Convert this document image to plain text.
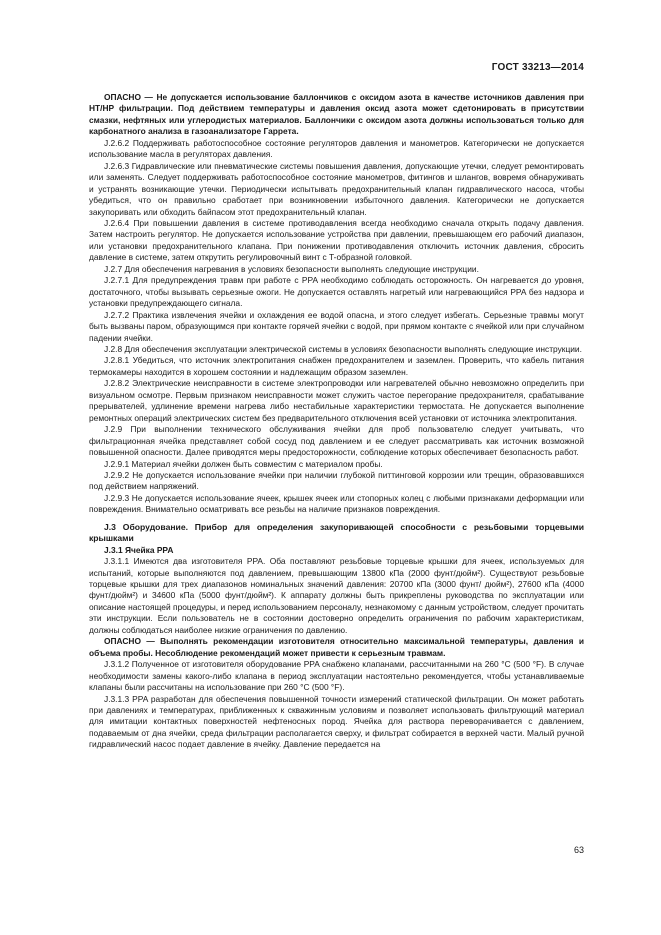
ГОСТ 33213—2014

ОПАСНО — Не допускается использование баллончиков с оксидом азота в качестве источников давления при HT/HP фильтрации. Под действием температуры и давления оксид азота может сдетонировать в присутствии смазки, нефтяных или углеродистых материалов. Баллончики с оксидом азота должны использоваться только для карбонатного анализа в газоанализаторе Гаррета.

J.2.6.2 Поддерживать работоспособное состояние регуляторов давления и манометров. Категорически не допускается использование масла в регуляторах давления.

J.2.6.3 Гидравлические или пневматические системы повышения давления, допускающие утечки, следует ремонтировать или заменять. Следует поддерживать работоспособное состояние манометров, фитингов и шлангов, вовремя обнаруживать и устранять возникающие утечки. Периодически испытывать предохранительный клапан гидравлического насоса, чтобы убедиться, что он правильно сработает при возникновении избыточного давления. Категорически не допускается закупоривать или обходить байпасом этот предохранительный клапан.

J.2.6.4 При повышении давления в системе противодавления всегда необходимо сначала открыть подачу давления. Затем настроить регулятор. Не допускается использование устройства при давлении, превышающем его рабочий диапазон, или установки предохранительного клапана. При понижении противодавления отключить источник давления, сбросить давление в системе, затем открутить регулировочный винт с T-образной головкой.

J.2.7 Для обеспечения нагревания в условиях безопасности выполнять следующие инструкции.

J.2.7.1 Для предупреждения травм при работе с PPA необходимо соблюдать осторожность. Он нагревается до уровня, достаточного, чтобы вызывать серьезные ожоги. Не допускается оставлять нагретый или нагревающийся PPA без надзора и установки предупреждающего сигнала.

J.2.7.2 Практика извлечения ячейки и охлаждения ее водой опасна, и этого следует избегать. Серьезные травмы могут быть вызваны паром, образующимся при контакте горячей ячейки с водой, при прямом контакте с ячейкой или при случайном падении ячейки.

J.2.8 Для обеспечения эксплуатации электрической системы в условиях безопасности выполнять следующие инструкции.

J.2.8.1 Убедиться, что источник электропитания снабжен предохранителем и заземлен. Проверить, что кабель питания термокамеры находится в хорошем состоянии и надлежащим образом заземлен.

J.2.8.2 Электрические неисправности в системе электропроводки или нагревателей обычно невозможно определить при визуальном осмотре. Первым признаком неисправности может служить частое перегорание предохранителя, срабатывание прерывателей, удлинение времени нагрева либо нестабильные характеристики термостата. Не допускается выполнение ремонтных операций электрических систем без предварительного отключения всей установки от источника электропитания.

J.2.9 При выполнении технического обслуживания ячейки для проб пользователю следует учитывать, что фильтрационная ячейка представляет собой сосуд под давлением и ее следует рассматривать как источник возможной повышенной опасности. Далее приводятся меры предосторожности, соблюдение которых обеспечивает безопасность работ.

J.2.9.1 Материал ячейки должен быть совместим с материалом пробы.

J.2.9.2 Не допускается использование ячейки при наличии глубокой питтинговой коррозии или трещин, образовавшихся под действием напряжений.

J.2.9.3 Не допускается использование ячеек, крышек ячеек или стопорных колец с любыми признаками деформации или повреждения. Внимательно осматривать все резьбы на наличие признаков повреждения.

J.3 Оборудование. Прибор для определения закупоривающей способности с резьбовыми торцевыми крышками

J.3.1 Ячейка PPA

J.3.1.1 Имеются два изготовителя PPA. Оба поставляют резьбовые торцевые крышки для ячеек, используемых для испытаний, которые выполняются под давлением, превышающим 13800 кПа (2000 фунт/дюйм²). Существуют резьбовые торцевые крышки для трех диапазонов номинальных значений давления: 20700 кПа (3000 фунт/ дюйм²), 27600 кПа (4000 фунт/дюйм²) и 34600 кПа (5000 фунт/дюйм²). К аппарату должны быть прикреплены руководства по эксплуатации или описание настоящей процедуры, и перед использованием персоналу, незнакомому с данным устройством, следует прочитать эти инструкции. Если пользователь не в состоянии достоверно определить ограничения по рабочим характеристикам, должны соблюдаться наиболее низкие ограничения по давлению.

ОПАСНО — Выполнять рекомендации изготовителя относительно максимальной температуры, давления и объема пробы. Несоблюдение рекомендаций может привести к серьезным травмам.

J.3.1.2 Полученное от изготовителя оборудование PPA снабжено клапанами, рассчитанными на 260 °C (500 °F). В случае необходимости замены какого-либо клапана в период эксплуатации настоятельно рекомендуется, чтобы устанавливаемые клапаны были рассчитаны на использование при 260 °C (500 °F).

J.3.1.3 PPA разработан для обеспечения повышенной точности измерений статической фильтрации. Он может работать при давлениях и температурах, приближенных к скважинным условиям и позволяет использовать фильтрующий материал для имитации контактных поверхностей нефтеносных пород. Ячейка для раствора переворачивается с давлением, подаваемым от дна ячейки, среда фильтрации располагается сверху, и фильтрат собирается в верхней части. Малый ручной гидравлический насос подает давление в ячейку. Давление передается на

63
